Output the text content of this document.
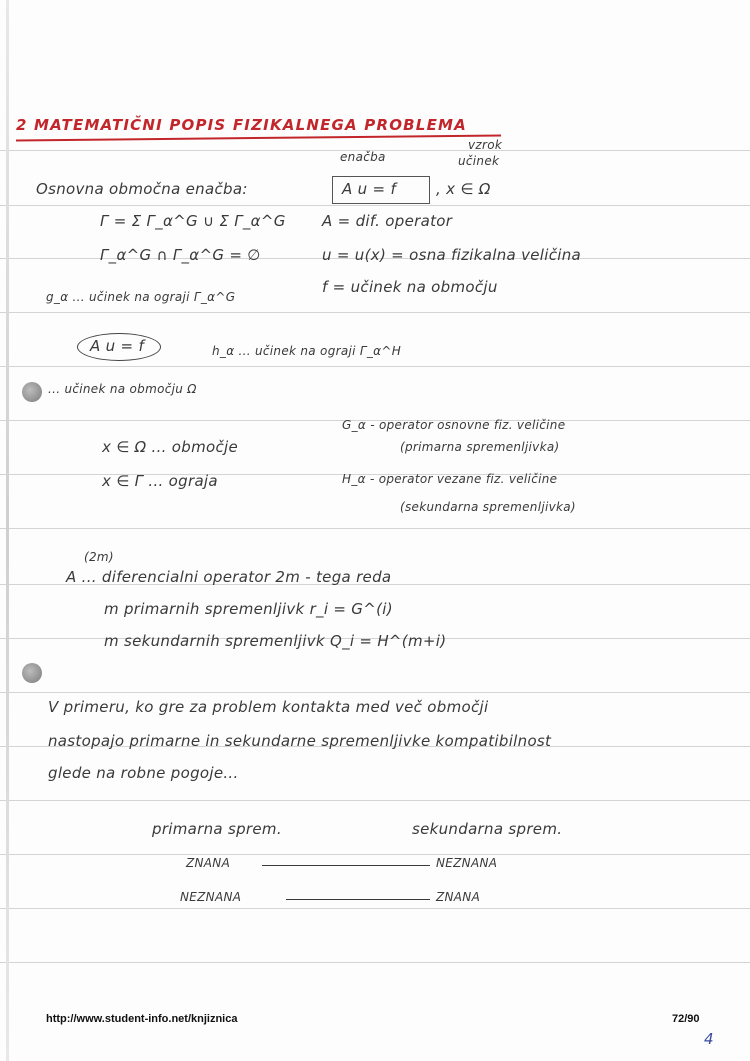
2 MATEMATIČNI POPIS FIZIKALNEGA PROBLEMA
enačba
vzrok
učinek
Osnovna območna enačba:	A u = f	, x ∈ Ω
Γ = Σ Γ_α^G ∪ Σ Γ_α^G
Γ_α^G ∩ Γ_α^G = ∅
A = dif. operator
u = u(x) = osna fizikalna veličina
f = učinek na območju
g_α ... učinek na ograji Γ_α^G
A u = f	h_α ... učinek na ograji Γ_α^H
... učinek na območju Ω
x ∈ Ω ... območje
x ∈ Γ ... ograja
G_α - operator osnovne fiz. veličine
(primarna spremenljivka)
H_α - operator vezane fiz. veličine
(sekundarna spremenljivka)
(2m)
A ... diferencialni operator 2m - tega reda
m primarnih spremenljivk r_i = G^(i)
m sekundarnih spremenljivk Q_i = H^(m+i)
V primeru, ko gre za problem kontakta med več območji
nastopajo primarne in sekundarne spremenljivke kompatibilnost
glede na robne pogoje...
primarna sprem.	sekundarna sprem.
ZNANA	NEZNANA
NEZNANA	ZNANA
http://www.student-info.net/knjiznica	72/90
4
